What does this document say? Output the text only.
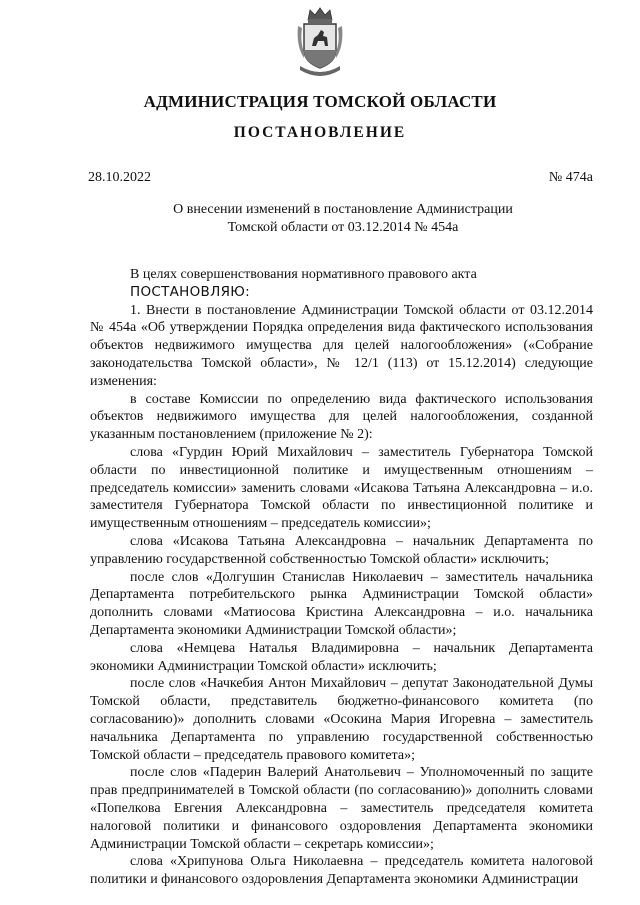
АДМИНИСТРАЦИЯ ТОМСКОЙ ОБЛАСТИ
ПОСТАНОВЛЕНИЕ
28.10.2022	№ 474а
О внесении изменений в постановление Администрации
Томской области от 03.12.2014 № 454а

В целях совершенствования нормативного правового акта

ПОСТАНОВЛЯЮ:

1. Внести в постановление Администрации Томской области от 03.12.2014 № 454а «Об утверждении Порядка определения вида фактического использования объектов недвижимого имущества для целей налогообложения» («Собрание законодательства Томской области», № 12/1 (113) от 15.12.2014) следующие изменения:

в составе Комиссии по определению вида фактического использования объектов недвижимого имущества для целей налогообложения, созданной указанным постановлением (приложение № 2):

слова «Гурдин Юрий Михайлович – заместитель Губернатора Томской области по инвестиционной политике и имущественным отношениям – председатель комиссии» заменить словами «Исакова Татьяна Александровна – и.о. заместителя Губернатора Томской области по инвестиционной политике и имущественным отношениям – председатель комиссии»;

слова «Исакова Татьяна Александровна – начальник Департамента по управлению государственной собственностью Томской области» исключить;

после слов «Долгушин Станислав Николаевич – заместитель начальника Департамента потребительского рынка Администрации Томской области» дополнить словами «Матиосова Кристина Александровна – и.о. начальника Департамента экономики Администрации Томской области»;

слова «Немцева Наталья Владимировна – начальник Департамента экономики Администрации Томской области» исключить;

после слов «Начкебия Антон Михайлович – депутат Законодательной Думы Томской области, представитель бюджетно-финансового комитета (по согласованию)» дополнить словами «Осокина Мария Игоревна – заместитель начальника Департамента по управлению государственной собственностью Томской области – председатель правового комитета»;

после слов «Падерин Валерий Анатольевич – Уполномоченный по защите прав предпринимателей в Томской области (по согласованию)» дополнить словами «Попелкова Евгения Александровна – заместитель председателя комитета налоговой политики и финансового оздоровления Департамента экономики Администрации Томской области – секретарь комиссии»;

слова «Хрипунова Ольга Николаевна – председатель комитета налоговой политики и финансового оздоровления Департамента экономики Администрации
